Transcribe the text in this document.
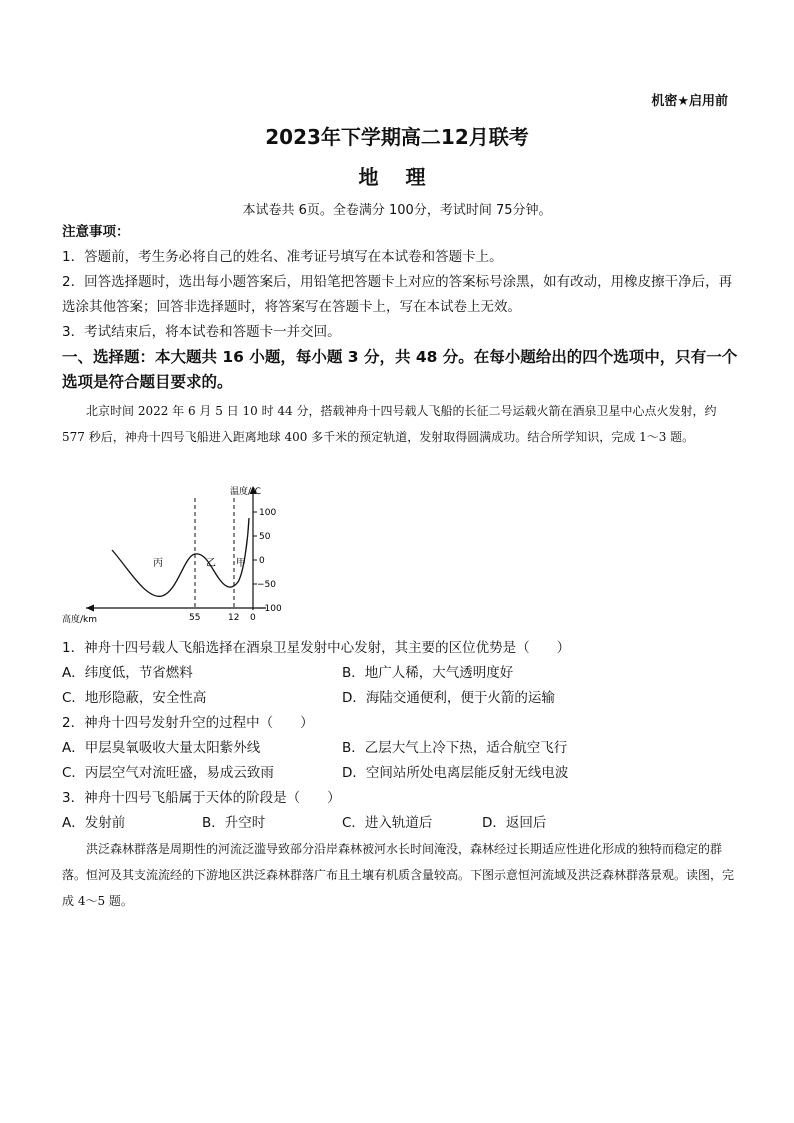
机密★启用前
2023年下学期高二12月联考
地 理
本试卷共 6页。全卷满分 100分，考试时间 75分钟。
注意事项：
1．答题前，考生务必将自己的姓名、准考证号填写在本试卷和答题卡上。
2．回答选择题时，选出每小题答案后，用铅笔把答题卡上对应的答案标号涂黑，如有改动，用橡皮擦干净后，再选涂其他答案；回答非选择题时，将答案写在答题卡上，写在本试卷上无效。
3．考试结束后，将本试卷和答题卡一并交回。
一、选择题：本大题共 16 小题，每小题 3 分，共 48 分。在每小题给出的四个选项中，只有一个选项是符合题目要求的。
北京时间 2022 年 6 月 5 日 10 时 44 分，搭载神舟十四号载人飞船的长征二号运载火箭在酒泉卫星中心点火发射，约 577 秒后，神舟十四号飞船进入距离地球 400 多千米的预定轨道，发射取得圆满成功。结合所学知识，完成 1～3 题。
100
50
0
−50
−100
温度/℃
55	12 0
高度/km
丙	乙 甲
1．神舟十四号载人飞船选择在酒泉卫星发射中心发射，其主要的区位优势是（　　）
A．纬度低，节省燃料	B．地广人稀，大气透明度好
C．地形隐蔽，安全性高	D．海陆交通便利，便于火箭的运输
2．神舟十四号发射升空的过程中（　　）
A．甲层臭氧吸收大量太阳紫外线	B．乙层大气上冷下热，适合航空飞行
C．丙层空气对流旺盛，易成云致雨	D．空间站所处电离层能反射无线电波
3．神舟十四号飞船属于天体的阶段是（　　）
A．发射前	B．升空时	C．进入轨道后	D．返回后
洪泛森林群落是周期性的河流泛滥导致部分沿岸森林被河水长时间淹没，森林经过长期适应性进化形成的独特而稳定的群落。恒河及其支流流经的下游地区洪泛森林群落广布且土壤有机质含量较高。下图示意恒河流域及洪泛森林群落景观。读图，完成 4～5 题。
